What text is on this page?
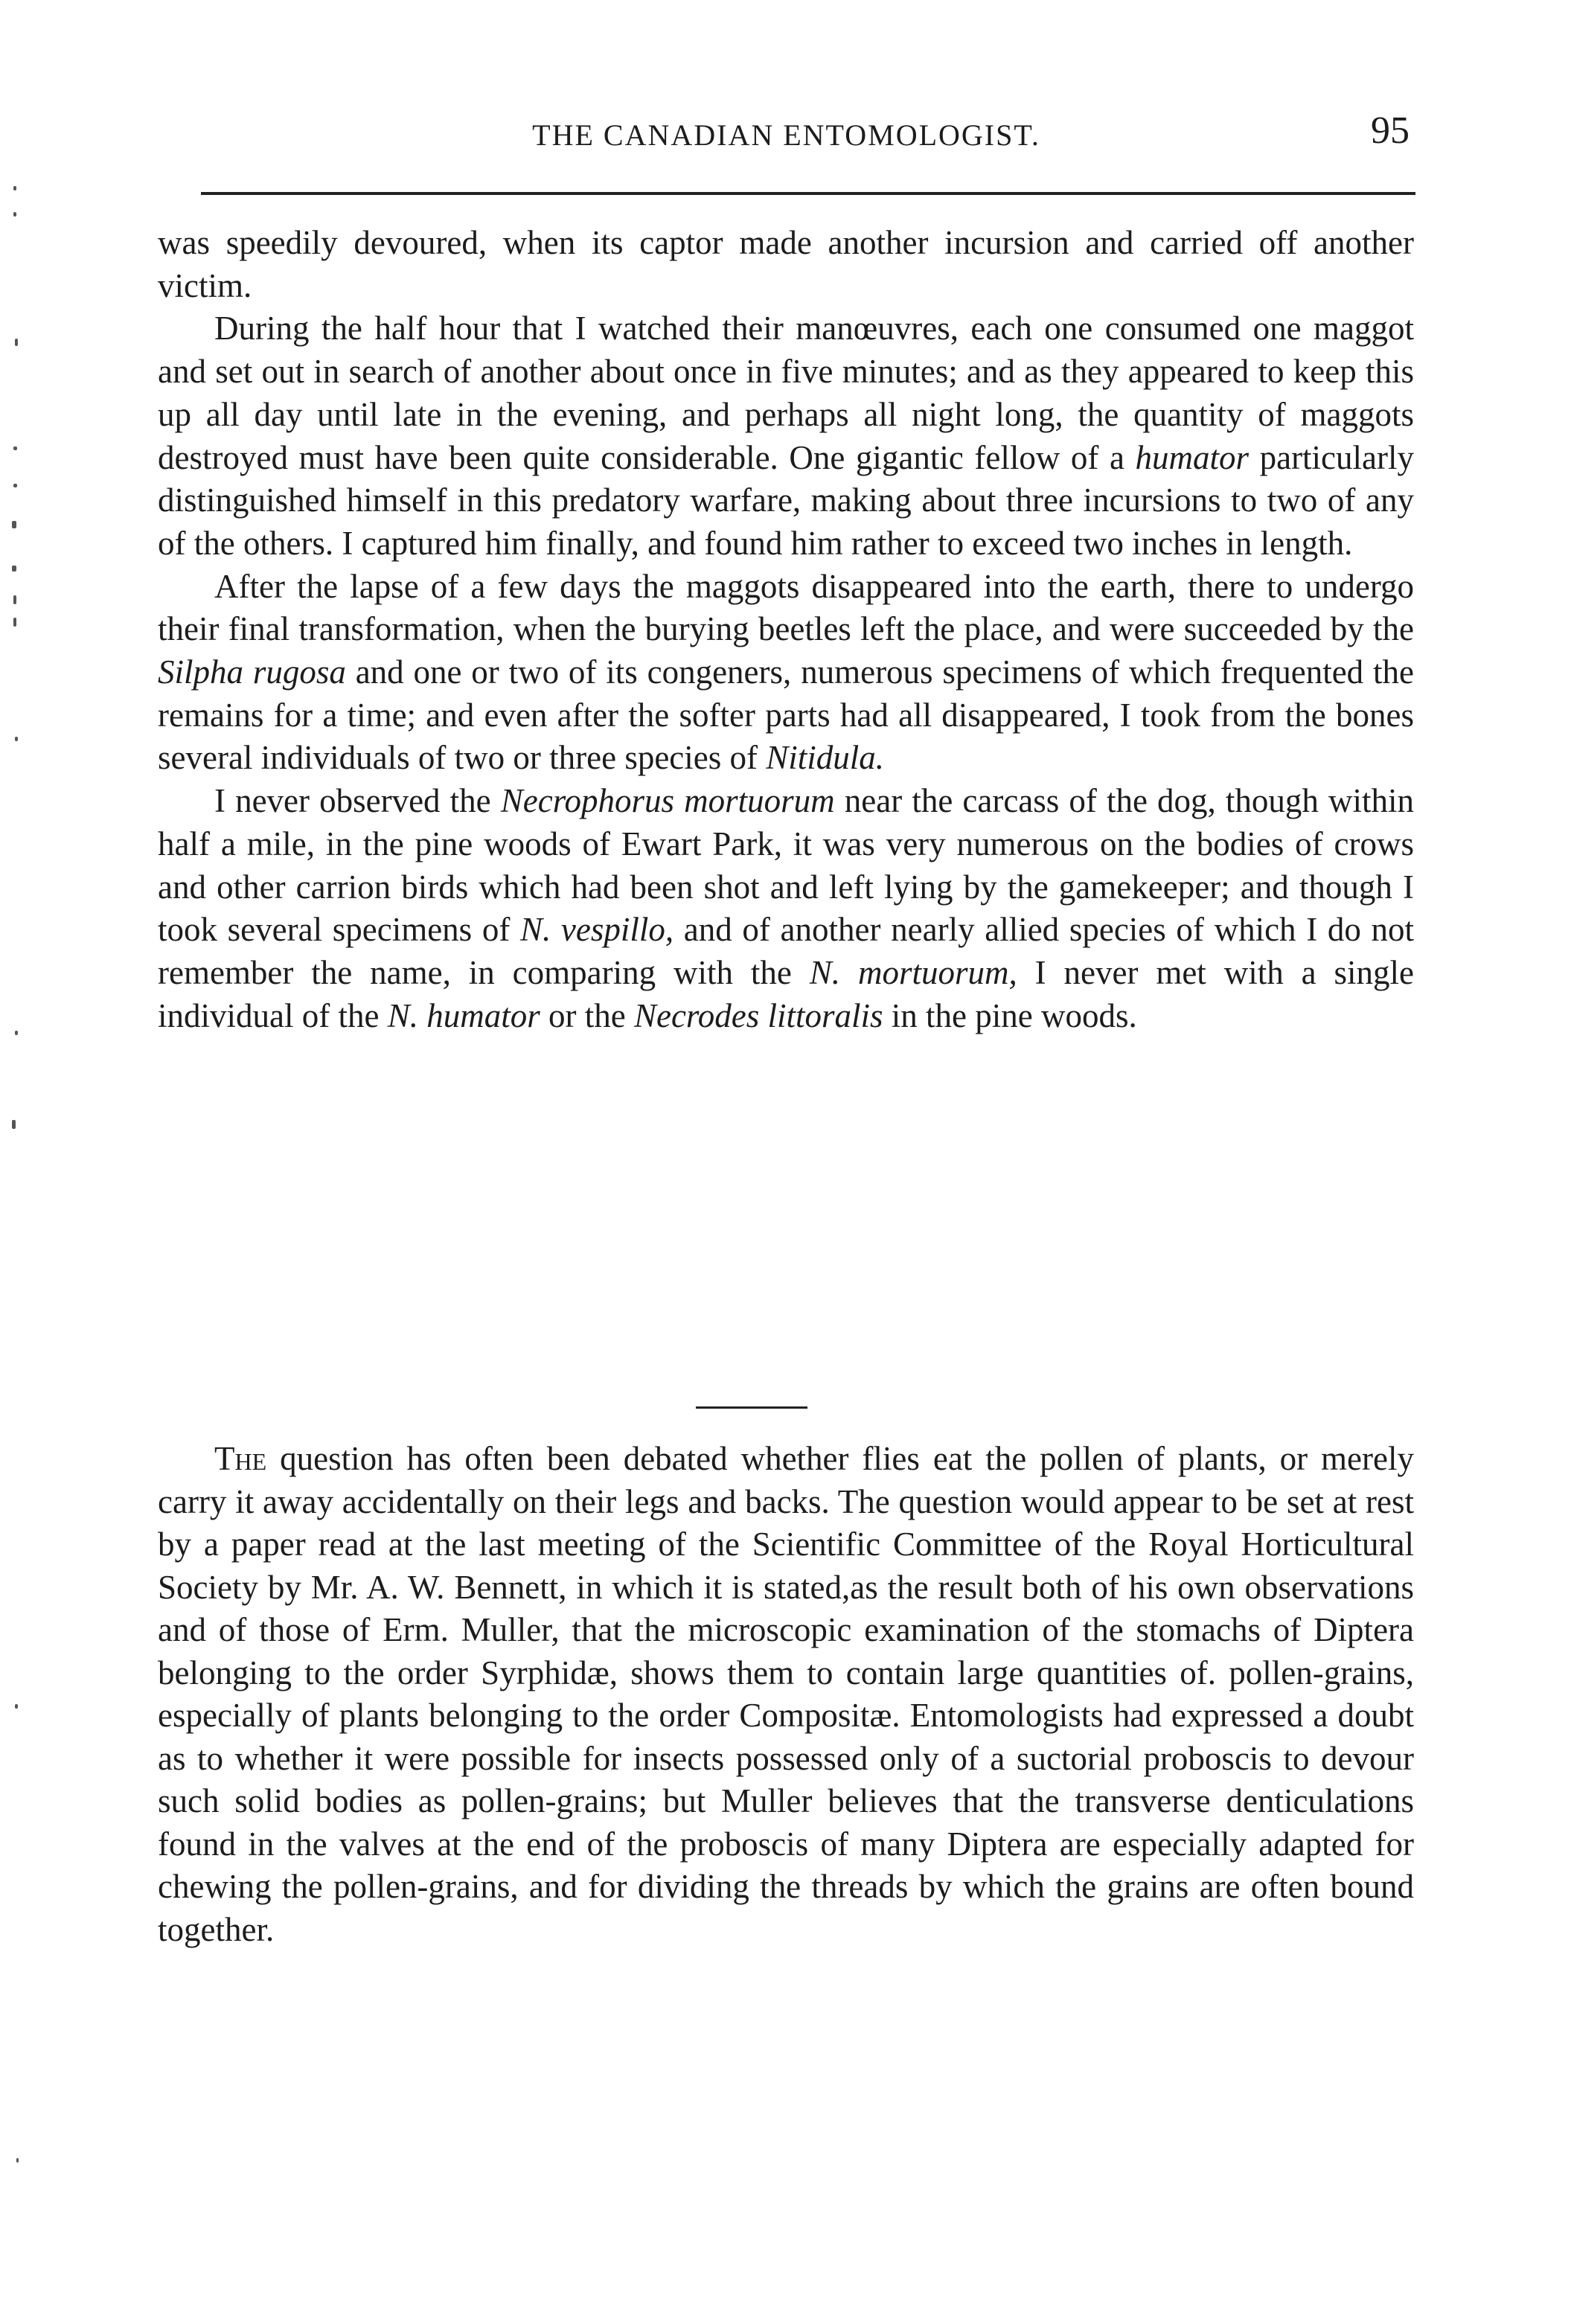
THE CANADIAN ENTOMOLOGIST.	95

was speedily devoured, when its captor made another incursion and carried off another victim.

During the half hour that I watched their manœuvres, each one consumed one maggot and set out in search of another about once in five minutes; and as they appeared to keep this up all day until late in the evening, and perhaps all night long, the quantity of maggots destroyed must have been quite considerable. One gigantic fellow of a humator particularly distinguished himself in this predatory warfare, making about three incursions to two of any of the others. I captured him finally, and found him rather to exceed two inches in length.

After the lapse of a few days the maggots disappeared into the earth, there to undergo their final transformation, when the burying beetles left the place, and were succeeded by the Silpha rugosa and one or two of its congeners, numerous specimens of which frequented the remains for a time; and even after the softer parts had all disappeared, I took from the bones several individuals of two or three species of Nitidula.

I never observed the Necrophorus mortuorum near the carcass of the dog, though within half a mile, in the pine woods of Ewart Park, it was very numerous on the bodies of crows and other carrion birds which had been shot and left lying by the gamekeeper; and though I took several specimens of N. vespillo, and of another nearly allied species of which I do not remember the name, in comparing with the N. mortuorum, I never met with a single individual of the N. humator or the Necrodes littoralis in the pine woods.

The question has often been debated whether flies eat the pollen of plants, or merely carry it away accidentally on their legs and backs. The question would appear to be set at rest by a paper read at the last meeting of the Scientific Committee of the Royal Horticultural Society by Mr. A. W. Bennett, in which it is stated,as the result both of his own observations and of those of Erm. Muller, that the microscopic examination of the stomachs of Diptera belonging to the order Syrphidæ, shows them to contain large quantities of. pollen-grains, especially of plants belonging to the order Compositæ. Entomologists had expressed a doubt as to whether it were possible for insects possessed only of a suctorial proboscis to devour such solid bodies as pollen-grains; but Muller believes that the transverse denticulations found in the valves at the end of the proboscis of many Diptera are especially adapted for chewing the pollen-grains, and for dividing the threads by which the grains are often bound together.
